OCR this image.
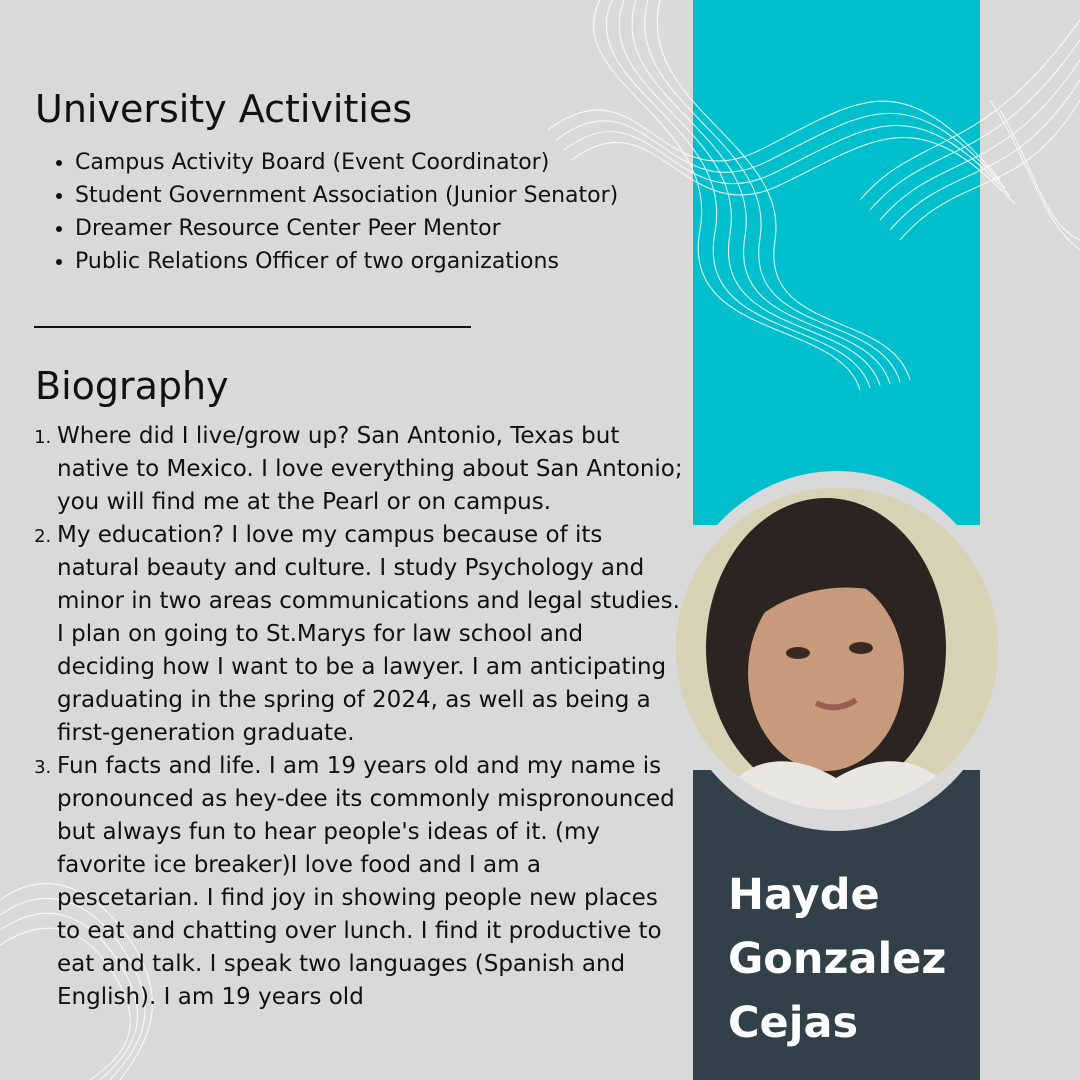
University Activities
• Campus Activity Board (Event Coordinator)
• Student Government Association (Junior Senator)
• Dreamer Resource Center Peer Mentor
• Public Relations Officer of two organizations
Biography
1. Where did I live/grow up? San Antonio, Texas but native to Mexico. I love everything about San Antonio; you will find me at the Pearl or on campus.
2. My education? I love my campus because of its natural beauty and culture. I study Psychology and minor in two areas communications and legal studies. I plan on going to St.Marys for law school and deciding how I want to be a lawyer. I am anticipating graduating in the spring of 2024, as well as being a first-generation graduate.
3. Fun facts and life. I am 19 years old and my name is pronounced as hey-dee its commonly mispronounced but always fun to hear people's ideas of it. (my favorite ice breaker)I love food and I am a pescetarian. I find joy in showing people new places to eat and chatting over lunch. I find it productive to eat and talk. I speak two languages (Spanish and English). I am 19 years old
Hayde
Gonzalez
Cejas
